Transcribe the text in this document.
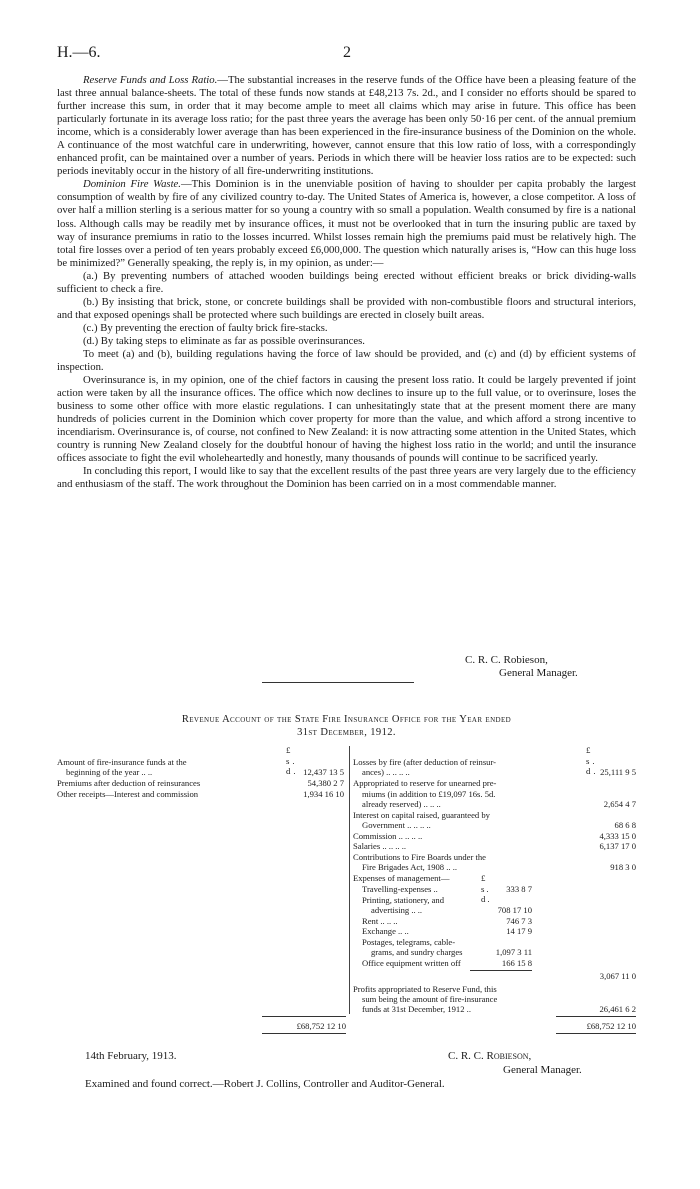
H.—6.	2

Reserve Funds and Loss Ratio.—The substantial increases in the reserve funds of the Office have been a pleasing feature of the last three annual balance-sheets. The total of these funds now stands at £48,213 7s. 2d., and I consider no efforts should be spared to further increase this sum, in order that it may become ample to meet all claims which may arise in future. This office has been particularly fortunate in its average loss ratio; for the past three years the average has been only 50·16 per cent. of the annual premium income, which is a considerably lower average than has been experienced in the fire-insurance business of the Dominion on the whole. A continuance of the most watchful care in underwriting, however, cannot ensure that this low ratio of loss, with a correspondingly enhanced profit, can be maintained over a number of years. Periods in which there will be heavier loss ratios are to be expected: such periods inevitably occur in the history of all fire-underwriting institutions.

Dominion Fire Waste.—This Dominion is in the unenviable position of having to shoulder per capita probably the largest consumption of wealth by fire of any civilized country to-day. The United States of America is, however, a close competitor. A loss of over half a million sterling is a serious matter for so young a country with so small a population. Wealth consumed by fire is a national loss. Although calls may be readily met by insurance offices, it must not be overlooked that in turn the insuring public are taxed by way of insurance premiums in ratio to the losses incurred. Whilst losses remain high the premiums paid must be relatively high. The total fire losses over a period of ten years probably exceed £6,000,000. The question which naturally arises is, “How can this huge loss be minimized?” Generally speaking, the reply is, in my opinion, as under:—

(a.) By preventing numbers of attached wooden buildings being erected without efficient breaks or brick dividing-walls sufficient to check a fire.

(b.) By insisting that brick, stone, or concrete buildings shall be provided with non-combustible floors and structural interiors, and that exposed openings shall be protected where such buildings are erected in closely built areas.

(c.) By preventing the erection of faulty brick fire-stacks.

(d.) By taking steps to eliminate as far as possible overinsurances.

To meet (a) and (b), building regulations having the force of law should be provided, and (c) and (d) by efficient systems of inspection.

Overinsurance is, in my opinion, one of the chief factors in causing the present loss ratio. It could be largely prevented if joint action were taken by all the insurance offices. The office which now declines to insure up to the full value, or to overinsure, loses the business to some other office with more elastic regulations. I can unhesitatingly state that at the present moment there are many hundreds of policies current in the Dominion which cover property for more than the value, and which afford a strong incentive to incendiarism. Overinsurance is, of course, not confined to New Zealand: it is now attracting some attention in the United States, which country is running New Zealand closely for the doubtful honour of having the highest loss ratio in the world; and until the insurance offices associate to fight the evil wholeheartedly and honestly, many thousands of pounds will continue to be sacrificed yearly.

In concluding this report, I would like to say that the excellent results of the past three years are very largely due to the efficiency and enthusiasm of the staff. The work throughout the Dominion has been carried on in a most commendable manner.

C. R. C. Robieson,
General Manager.
Revenue Account of the State Fire Insurance Office for the Year ended
31st December, 1912.
£ s. d.
Amount of fire-insurance funds at the
beginning of the year .. ..	12,437 13 5
Premiums after deduction of reinsurances	54,380 2 7
Other receipts—Interest and commission	1,934 16 10
£68,752 12 10
£ s. d.
Losses by fire (after deduction of reinsur-
ances) .. .. .. ..	25,111 9 5
Appropriated to reserve for unearned pre-
miums (in addition to £19,097 16s. 5d.
already reserved) .. .. ..	2,654 4 7
Interest on capital raised, guaranteed by
Government .. .. .. ..	68 6 8
Commission .. .. .. ..	4,333 15 0
Salaries .. .. .. ..	6,137 17 0
Contributions to Fire Boards under the
Fire Brigades Act, 1908 .. ..	918 3 0
Expenses of management—	£ s. d.
Travelling-expenses ..	333 8 7
Printing, stationery, and
advertising .. ..	708 17 10
Rent .. .. ..	746 7 3
Exchange .. ..	14 17 9
Postages, telegrams, cable-
grams, and sundry charges	1,097 3 11
Office equipment written off	166 15 8
3,067 11 0
Profits appropriated to Reserve Fund, this
sum being the amount of fire-insurance
funds at 31st December, 1912 ..	26,461 6 2
£68,752 12 10
14th February, 1913.	C. R. C. Robieson,
General Manager.
Examined and found correct.—Robert J. Collins, Controller and Auditor-General.
